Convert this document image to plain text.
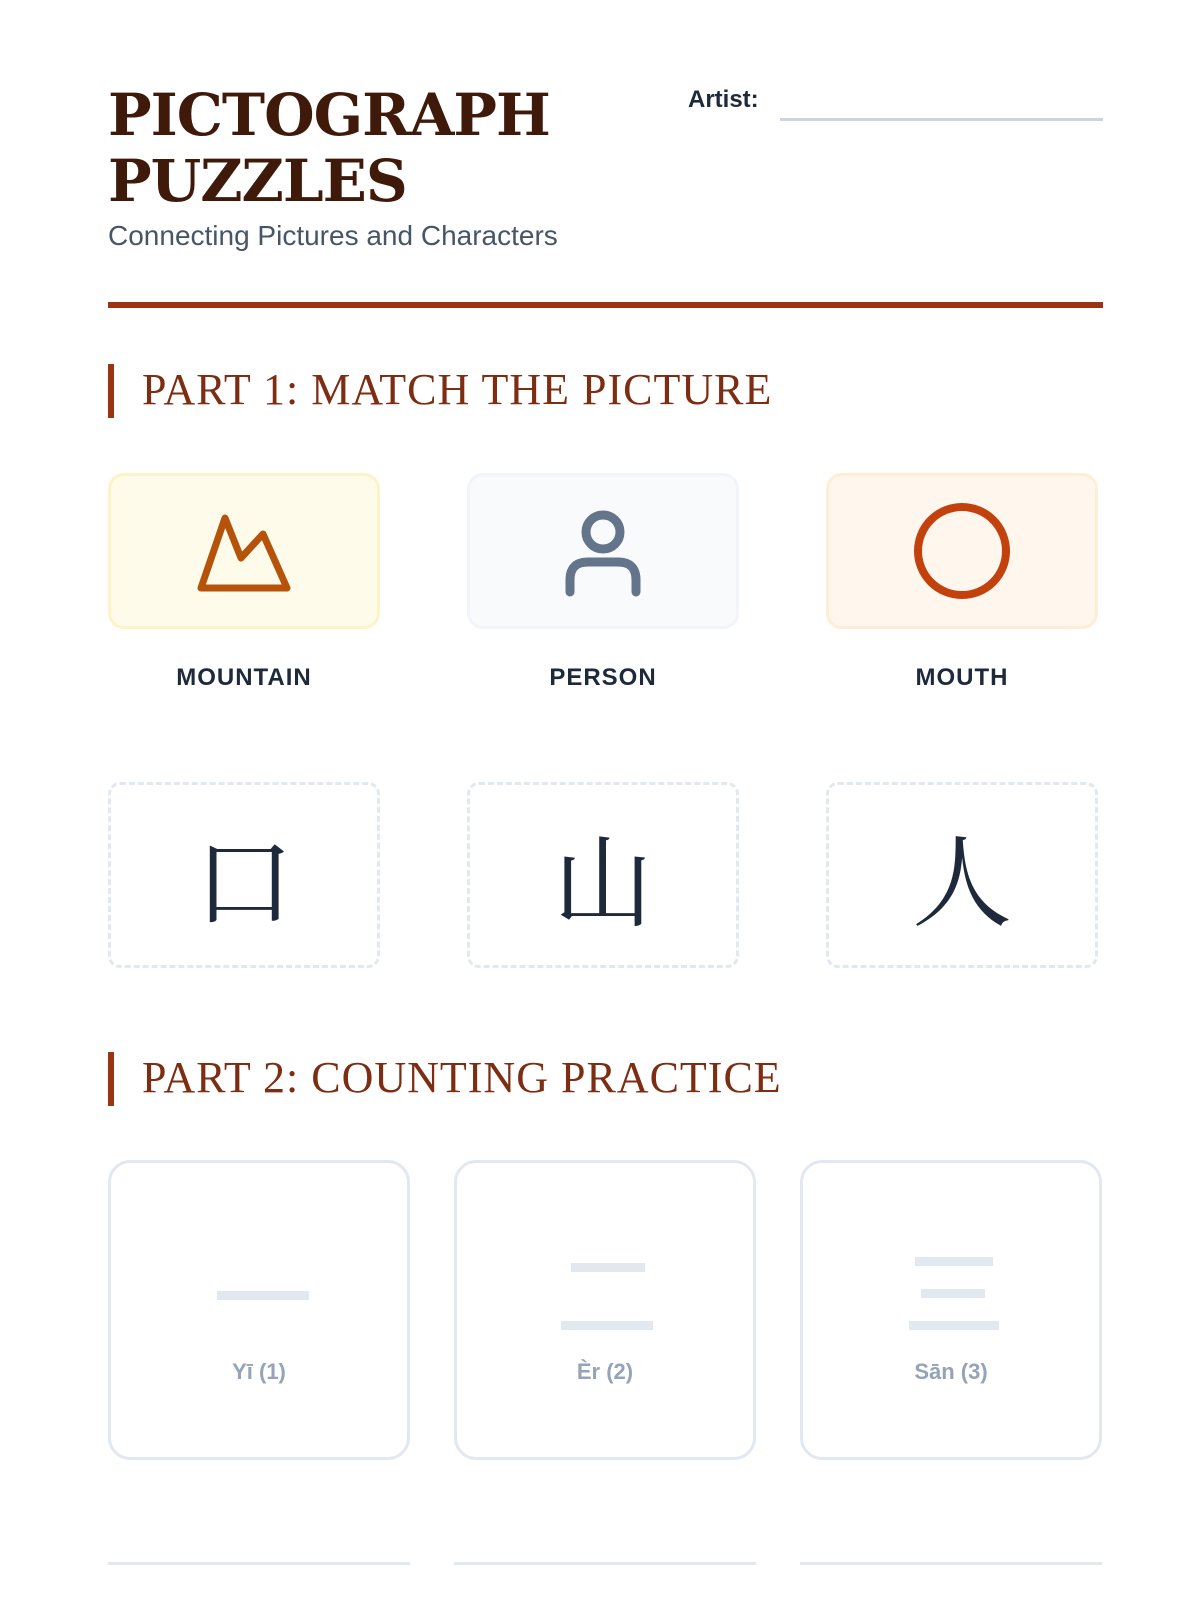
PICTOGRAPH PUZZLES
Connecting Pictures and Characters
Artist:
PART 1: MATCH THE PICTURE
MOUNTAIN	PERSON	MOUTH
口	山	人
PART 2: COUNTING PRACTICE
Yī (1)	Èr (2)	Sān (3)
